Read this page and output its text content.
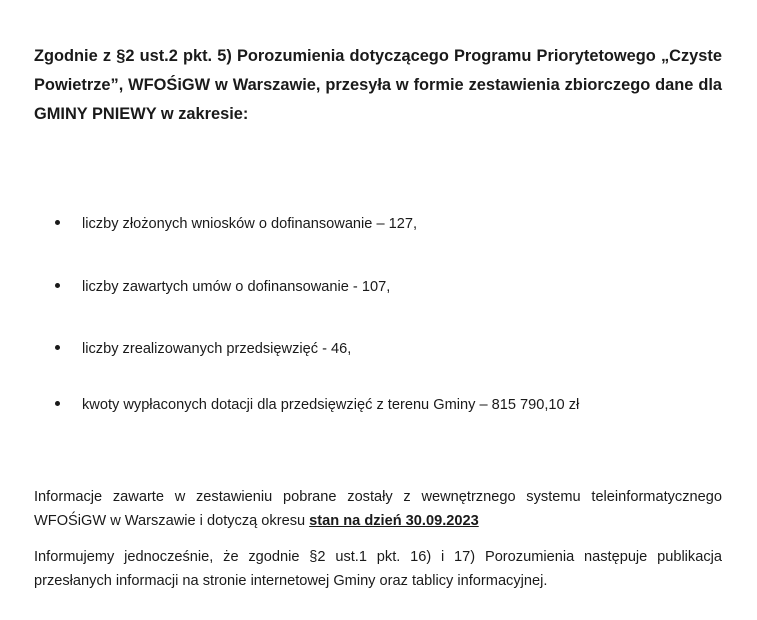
Zgodnie z §2 ust.2 pkt. 5) Porozumienia dotyczącego Programu Priorytetowego „Czyste Powietrze”, WFOŚiGW w Warszawie, przesyła w formie zestawienia zbiorczego dane dla GMINY PNIEWY w zakresie:

liczby złożonych wniosków o dofinansowanie – 127,
liczby zawartych umów o dofinansowanie - 107,
liczby zrealizowanych przedsięwzięć - 46,
kwoty wypłaconych dotacji dla przedsięwzięć z terenu Gminy – 815 790,10 zł

Informacje zawarte w zestawieniu pobrane zostały z wewnętrznego systemu teleinformatycznego WFOŚiGW w Warszawie i dotyczą okresu stan na dzień 30.09.2023

Informujemy jednocześnie, że zgodnie §2 ust.1 pkt. 16) i 17) Porozumienia następuje publikacja przesłanych informacji na stronie internetowej Gminy oraz tablicy informacyjnej.
